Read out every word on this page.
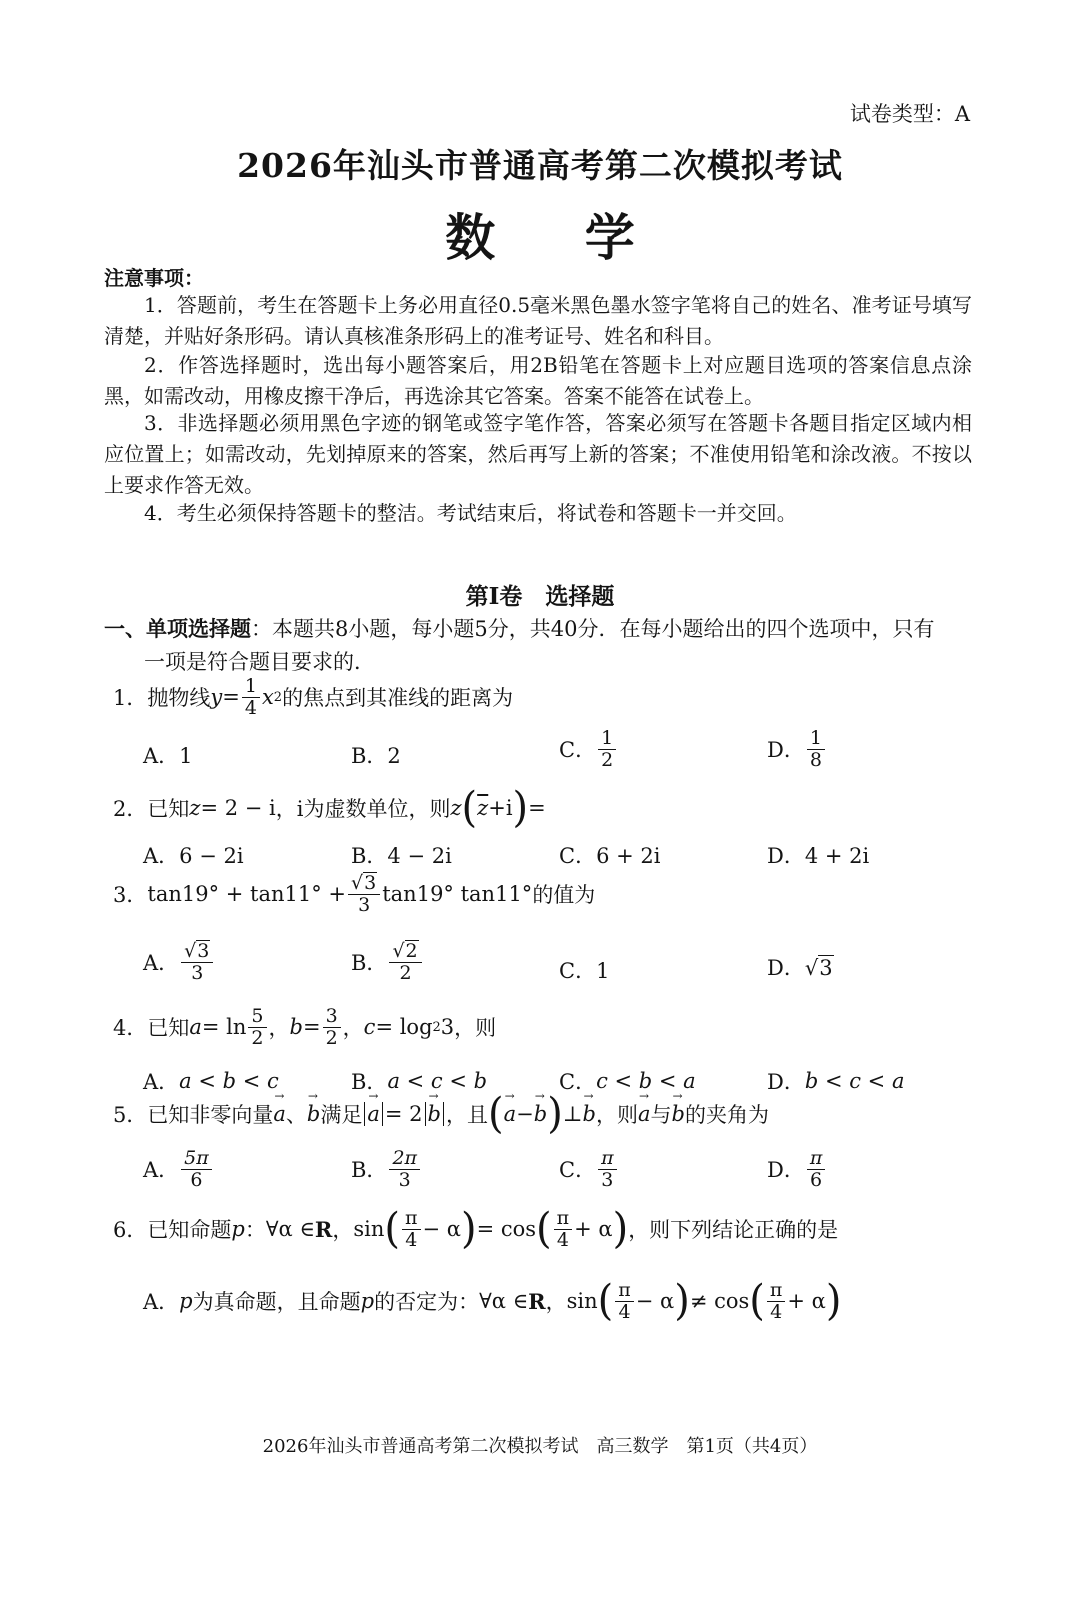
试卷类型：A
2026年汕头市普通高考第二次模拟考试
数 学
注意事项：
1．答题前，考生在答题卡上务必用直径0.5毫米黑色墨水签字笔将自己的姓名、准考证号填写清楚，并贴好条形码。请认真核准条形码上的准考证号、姓名和科目。
2．作答选择题时，选出每小题答案后，用2B铅笔在答题卡上对应题目选项的答案信息点涂黑，如需改动，用橡皮擦干净后，再选涂其它答案。答案不能答在试卷上。
3．非选择题必须用黑色字迹的钢笔或签字笔作答，答案必须写在答题卡各题目指定区域内相应位置上；如需改动，先划掉原来的答案，然后再写上新的答案；不准使用铅笔和涂改液。不按以上要求作答无效。
4．考生必须保持答题卡的整洁。考试结束后，将试卷和答题卡一并交回。
第Ⅰ卷　选择题
一、单项选择题：本题共8小题，每小题5分，共40分．在每小题给出的四个选项中，只有
一项是符合题目要求的．
1． 抛物线 $y = \frac{1}{4}$ x 2 的焦点到其准线的距离为
A．1	B．2	C． $\frac{1}{2}$	D． $\frac{1}{8}$
2． 已知 z = 2 − i ，i为虚数单位，则 z ( $\overline{z} +i$ ) =
A．6 − 2i	B．4 − 2i	C．6 + 2i	D．4 + 2i
3． $\tan 19^\circ + \tan 11^\circ + \frac{√ 3}{3} \tan 19^\circ$ tan11° 的值为
A． $\frac{√ 3}{3}$	B． $\frac{√ 2}{2}$	C．1	D． √ 3
4． 已知 $a = \ln \frac{5}{2}$ ， $b = \frac{3}{2}$ ， c = log 2 3 ，则
A． a < b < c	B． a < c < b	C． c < b < a	D． b < c < a
5． 已知非零向量 → a 、 → b 满足 → a = 2 → b ，且 ( → a − → b ) ⊥ → b ，则 → a 与 → b 的夹角为
A． $\frac{5\pi}{6}$	B． $\frac{2\pi}{3}$	C． $\frac{\pi}{3}$	D． $\frac{\pi}{6}$
6． 已知命题 p ： ∀α ∈ R ， sin ( $\frac{\pi}{4} - \alpha$ ) = cos ( $\frac{\pi}{4} + \alpha$ ) ，则下列结论正确的是
A． p 为真命题，且命题 p 的否定为： ∀α ∈ R ， sin ( $\frac{\pi}{4} - \alpha$ ) ≠ cos ( $\frac{\pi}{4} + \alpha$ )
2026年汕头市普通高考第二次模拟考试　高三数学　第1页（共4页）
